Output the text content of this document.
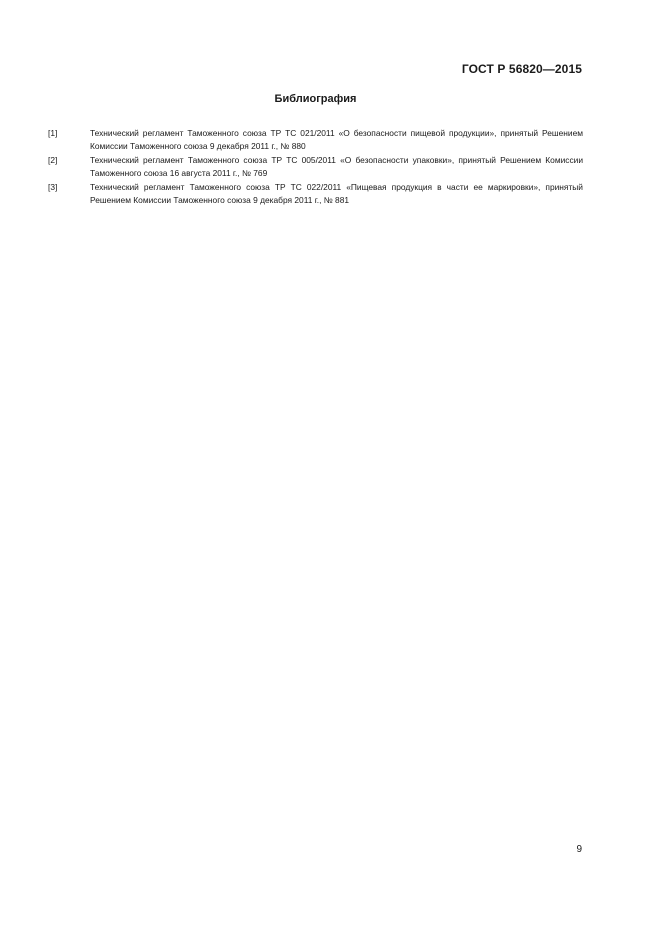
ГОСТ Р 56820—2015
Библиография
[1]	Технический регламент Таможенного союза ТР ТС 021/2011 «О безопасности пищевой продукции», принятый Решением Комиссии Таможенного союза 9 декабря 2011 г., № 880
[2]	Технический регламент Таможенного союза ТР ТС 005/2011 «О безопасности упаковки», принятый Решением Комиссии Таможенного союза 16 августа 2011 г., № 769
[3]	Технический регламент Таможенного союза ТР ТС 022/2011 «Пищевая продукция в части ее маркировки», принятый Решением Комиссии Таможенного союза 9 декабря 2011 г., № 881
9
